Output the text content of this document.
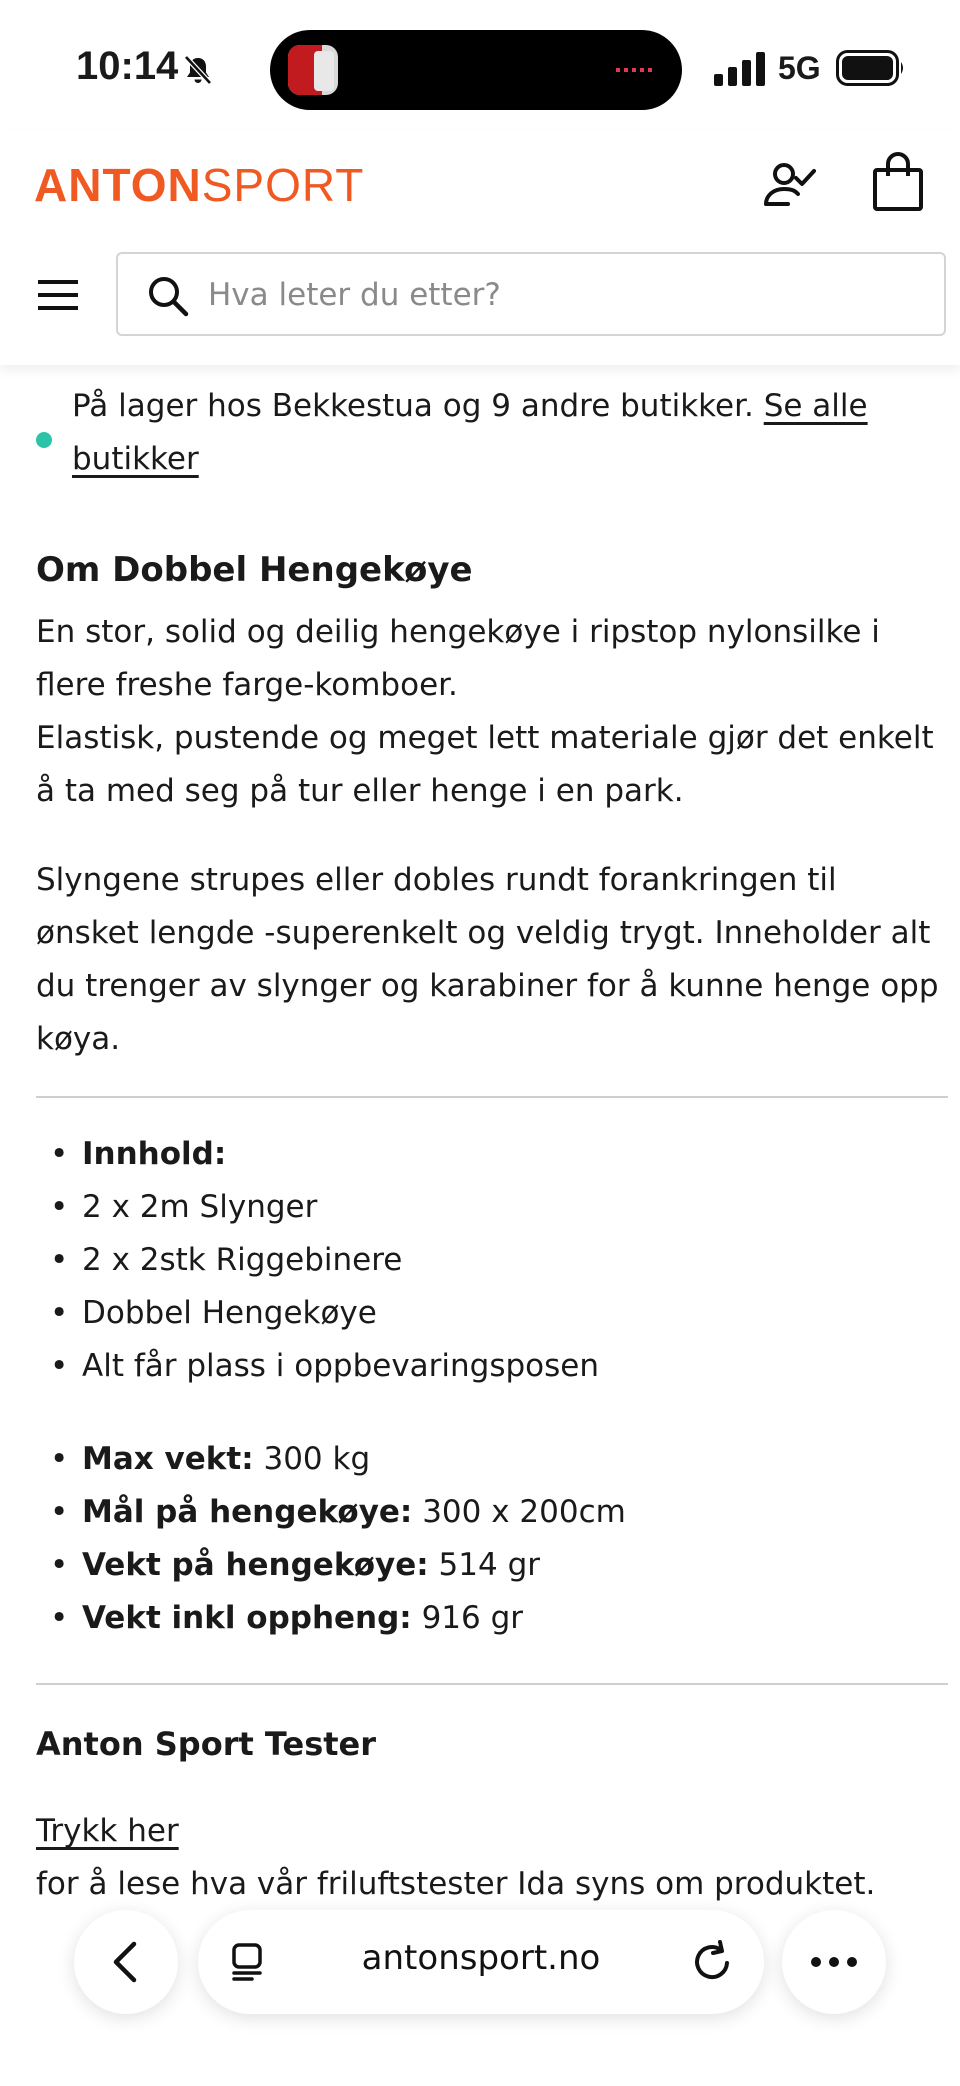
10:14	5G
ANTONSPORT
Hva leter du etter?
På lager hos Bekkestua og 9 andre butikker. Se alle butikker
Om Dobbel Hengekøye
En stor, solid og deilig hengekøye i ripstop nylonsilke i flere freshe farge-komboer.
Elastisk, pustende og meget lett materiale gjør det enkelt å ta med seg på tur eller henge i en park.
Slyngene strupes eller dobles rundt forankringen til ønsket lengde -superenkelt og veldig trygt. Inneholder alt du trenger av slynger og karabiner for å kunne henge opp køya.
• Innhold:
• 2 x 2m Slynger
• 2 x 2stk Riggebinere
• Dobbel Hengekøye
• Alt får plass i oppbevaringsposen
• Max vekt: 300 kg
• Mål på hengekøye: 300 x 200cm
• Vekt på hengekøye: 514 gr
• Vekt inkl oppheng: 916 gr
Anton Sport Tester
Trykk her
for å lese hva vår friluftstester Ida syns om produktet.
antonsport.no
